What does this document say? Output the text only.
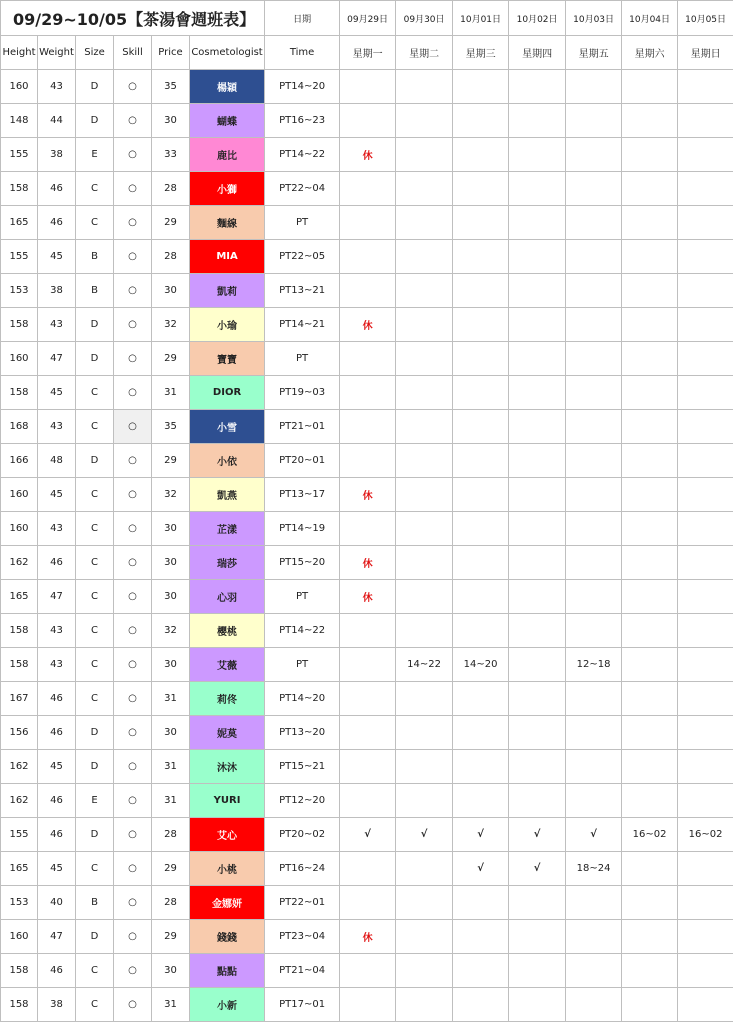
09/29~10/05【茶湯會週班表】						日期	09月29日	09月30日	10月01日	10月02日	10月03日	10月04日	10月05日
Height	Weight	Size	Skill	Price	Cosmetologist	Time	星期一	星期二	星期三	星期四	星期五	星期六	星期日
160	43	D	○	35	楊穎	PT14~20							
148	44	D	○	30	蝴蝶	PT16~23							
155	38	E	○	33	鹿比	PT14~22	休						
158	46	C	○	28	小獅	PT22~04							
165	46	C	○	29	麵線	PT							
155	45	B	○	28	MIA	PT22~05							
153	38	B	○	30	凱莉	PT13~21							
158	43	D	○	32	小瑜	PT14~21	休						
160	47	D	○	29	寶寶	PT							
158	45	C	○	31	DIOR	PT19~03							
168	43	C	○	35	小雪	PT21~01							
166	48	D	○	29	小依	PT20~01							
160	45	C	○	32	凱燕	PT13~17	休						
160	43	C	○	30	芷漾	PT14~19							
162	46	C	○	30	瑞莎	PT15~20	休						
165	47	C	○	30	心羽	PT	休						
158	43	C	○	32	櫻桃	PT14~22							
158	43	C	○	30	艾薇	PT		14~22	14~20		12~18		
167	46	C	○	31	莉佟	PT14~20							
156	46	D	○	30	妮莫	PT13~20							
162	45	D	○	31	沐沐	PT15~21							
162	46	E	○	31	YURI	PT12~20							
155	46	D	○	28	艾心	PT20~02	√	√	√	√	√	16~02	16~02
165	45	C	○	29	小桃	PT16~24			√	√	18~24		
153	40	B	○	28	金娜妍	PT22~01							
160	47	D	○	29	錢錢	PT23~04	休						
158	46	C	○	30	點點	PT21~04							
158	38	C	○	31	小新	PT17~01							
